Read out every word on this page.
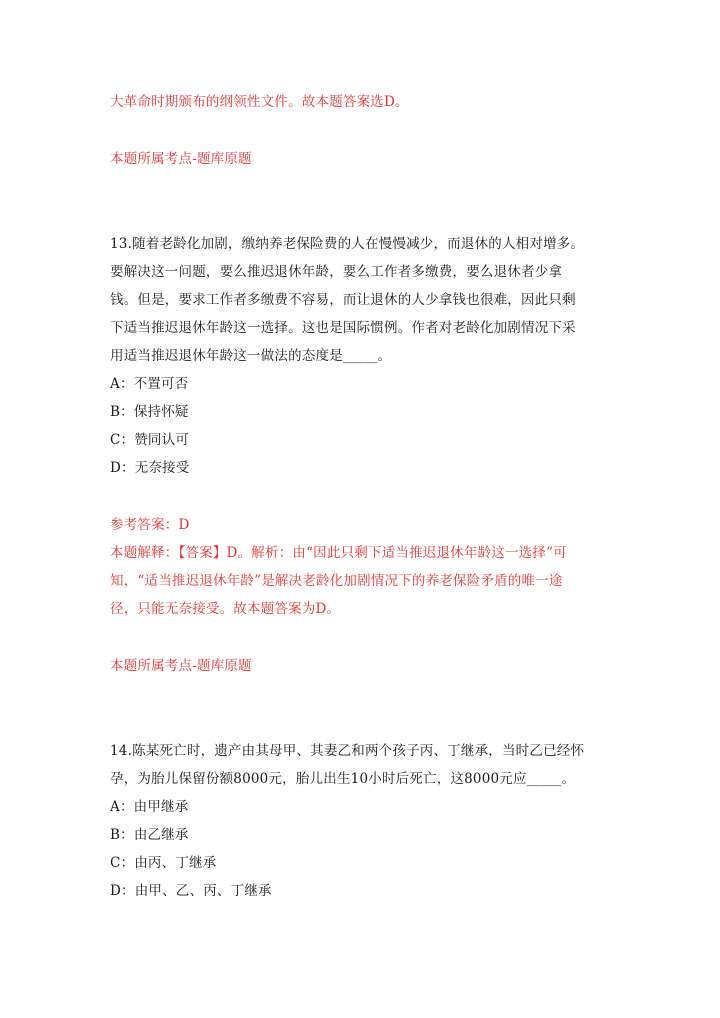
大革命时期颁布的纲领性文件。故本题答案选D。
本题所属考点-题库原题
13.随着老龄化加剧，缴纳养老保险费的人在慢慢减少，而退休的人相对增多。
要解决这一问题，要么推迟退休年龄，要么工作者多缴费，要么退休者少拿
钱。但是，要求工作者多缴费不容易，而让退休的人少拿钱也很难，因此只剩
下适当推迟退休年龄这一选择。这也是国际惯例。作者对老龄化加剧情况下采
用适当推迟退休年龄这一做法的态度是_____。
A：不置可否
B：保持怀疑
C：赞同认可
D：无奈接受
参考答案：D
本题解释：【答案】D。解析：由“因此只剩下适当推迟退休年龄这一选择”可
知，“适当推迟退休年龄”是解决老龄化加剧情况下的养老保险矛盾的唯一途
径，只能无奈接受。故本题答案为D。
本题所属考点-题库原题
14.陈某死亡时，遗产由其母甲、其妻乙和两个孩子丙、丁继承，当时乙已经怀
孕，为胎儿保留份额8000元，胎儿出生10小时后死亡，这8000元应_____。
A：由甲继承
B：由乙继承
C：由丙、丁继承
D：由甲、乙、丙、丁继承
